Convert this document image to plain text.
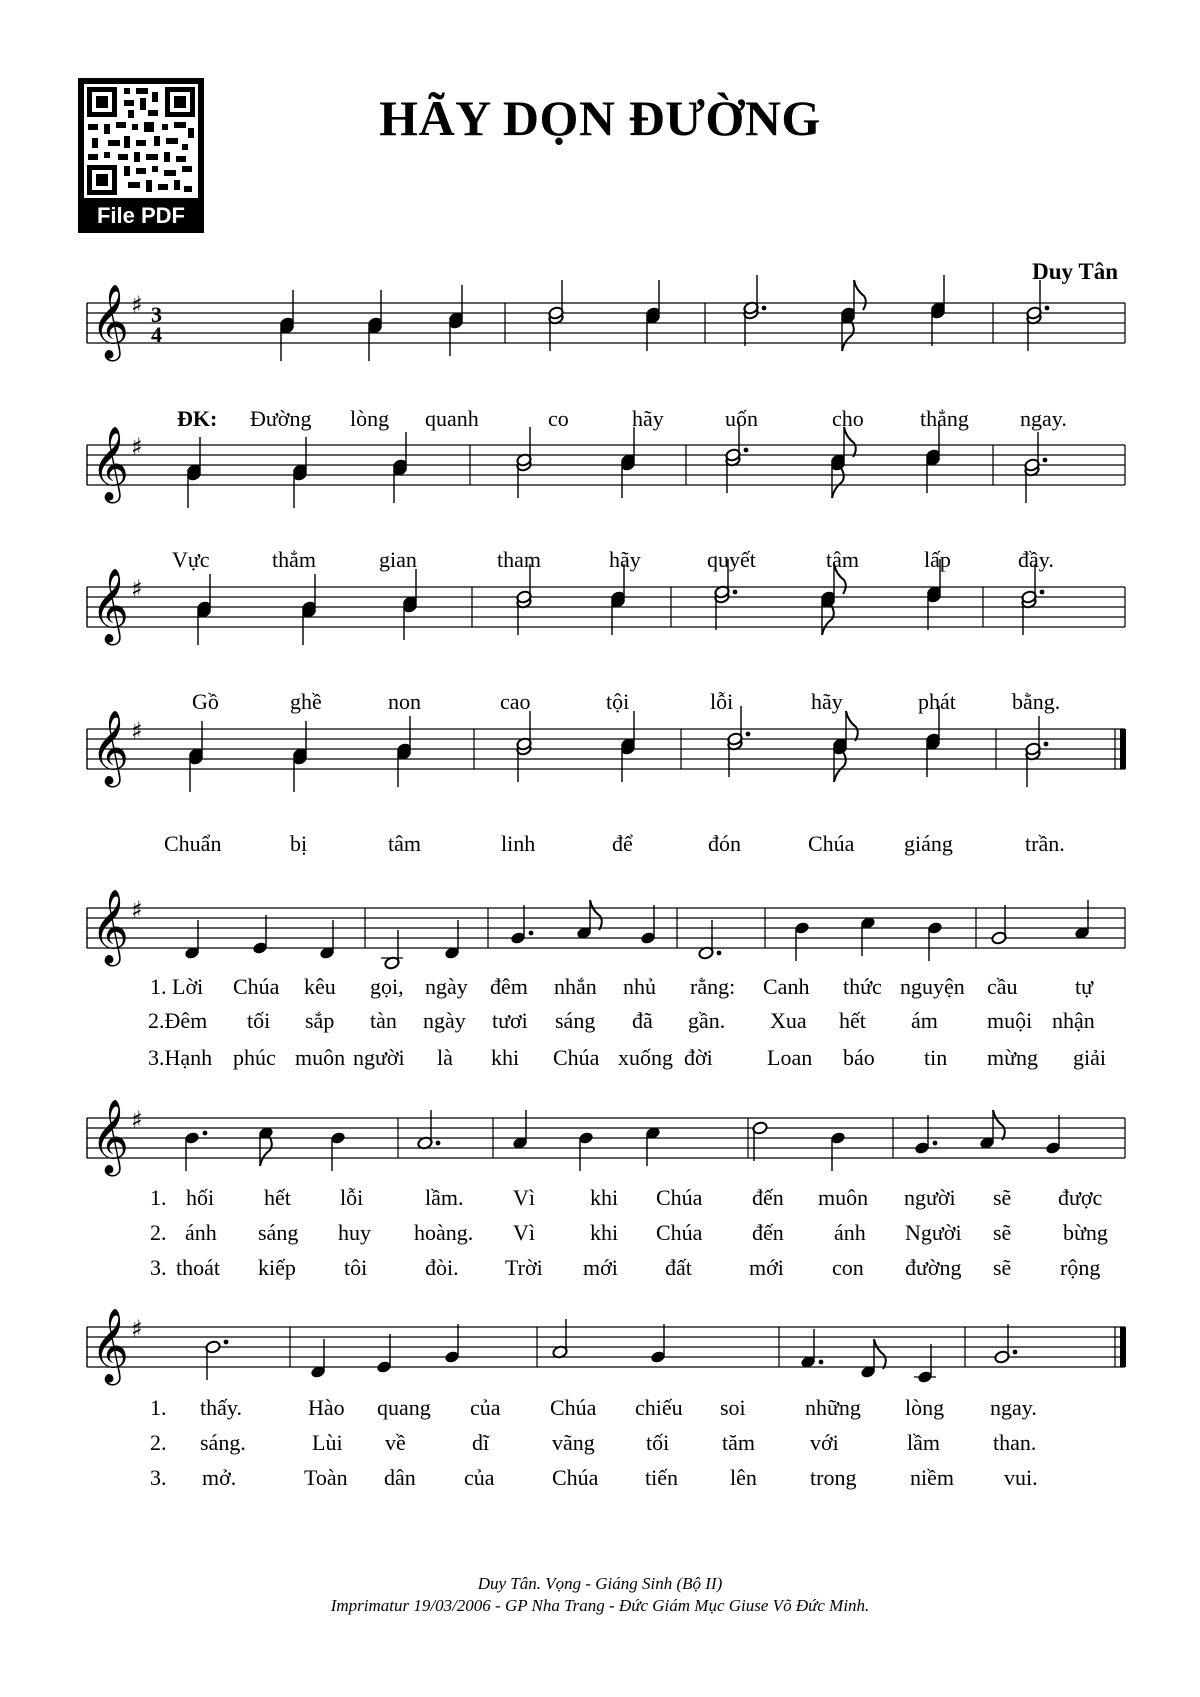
File PDF
HÃY DỌN ĐƯỜNG
Duy Tân
𝄞 ♯ 3
4
𝄞 ♯
𝄞 ♯
𝄞 ♯
𝄞 ♯
𝄞 ♯
𝄞 ♯
ĐK: Đường lòng quanh	co	hãy	uốn	cho	thẳng ngay.
Vực	thẳm	gian	tham	hãy	quyết	tâm	lấp	đầy.
Gồ	ghề	non	cao	tội	lỗi	hãy	phát	bằng.
Chuẩn	bị	tâm	linh	để	đón	Chúa giáng	trần.
1. Lời Chúa kêu gọi, ngày đêm nhắn nhủ rằng: Canh thức nguyện cầu	tự
2.Đêm tối sắp tàn ngày tươi sáng đã gần. Xua hết ám muội nhận
3.Hạnh phúc muôn người là khi Chúa xuống đời Loan báo tin mừng giải
1. hối hết lỗi	lầm. Vì	khi Chúa đến muôn người sẽ được
2. ánh sáng huy hoàng. Vì	khi Chúa đến ánh Người sẽ bừng
3. thoát kiếp tôi	đòi. Trời mới đất	mới con đường sẽ rộng
1. thấy.	Hào quang của Chúa chiếu soi	những lòng ngay.
2. sáng.	Lùi về	dĩ	vãng tối tăm	với	lầm than.
3. mở.	Toàn dân của	Chúa tiến lên trong niềm vui.
Duy Tân. Vọng - Giáng Sinh (Bộ II)
Imprimatur 19/03/2006 - GP Nha Trang - Đức Giám Mục Giuse Võ Đức Minh.
